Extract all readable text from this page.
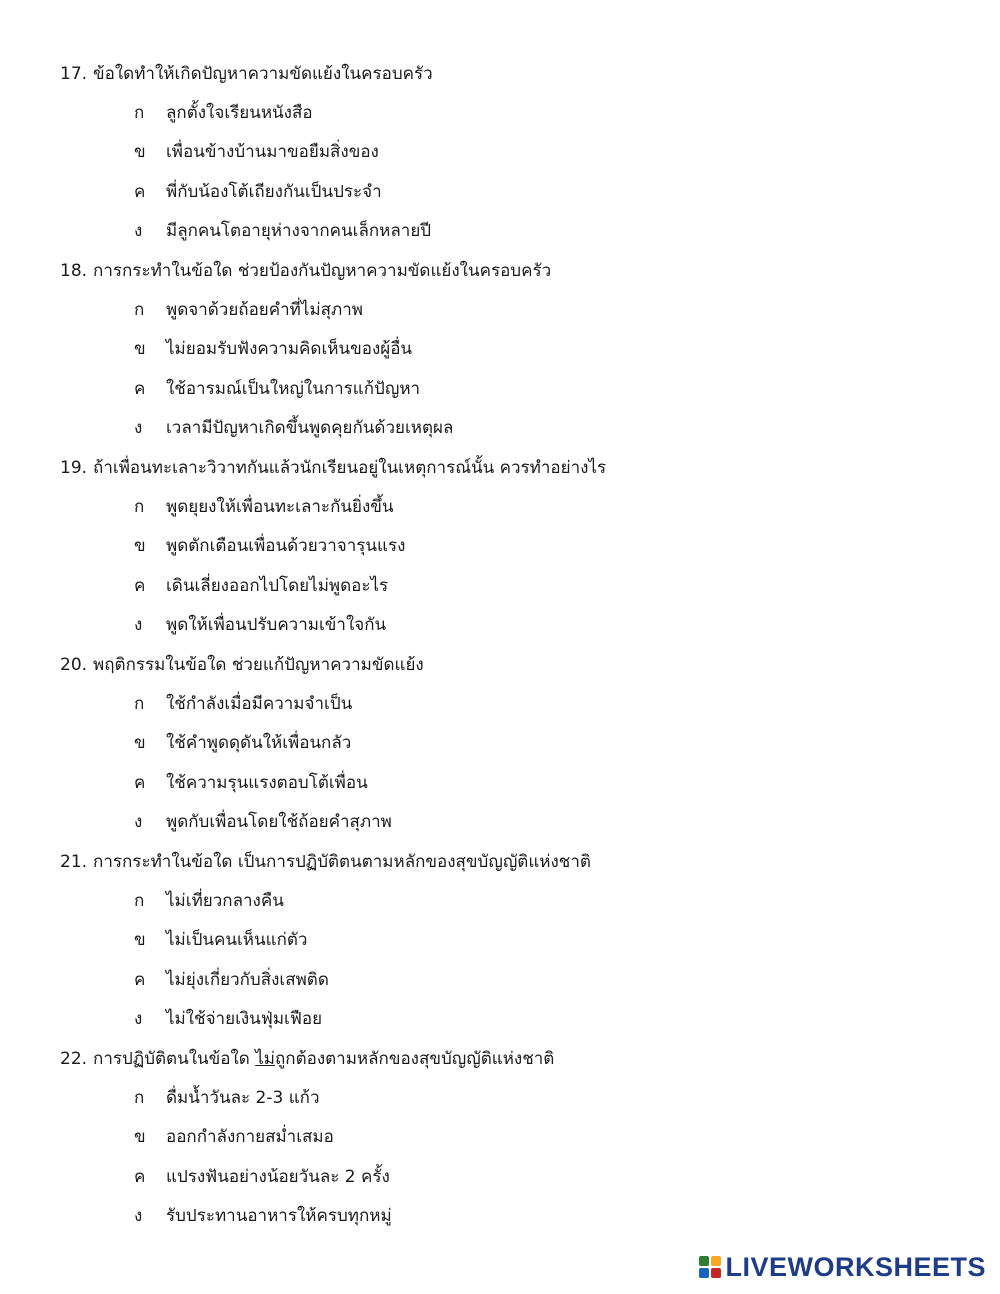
17. ข้อใดทำให้เกิดปัญหาความขัดแย้งในครอบครัว
ก ลูกตั้งใจเรียนหนังสือ
ข เพื่อนข้างบ้านมาขอยืมสิ่งของ
ค พี่กับน้องโต้เถียงกันเป็นประจำ
ง มีลูกคนโตอายุห่างจากคนเล็กหลายปี
18. การกระทำในข้อใด ช่วยป้องกันปัญหาความขัดแย้งในครอบครัว
ก พูดจาด้วยถ้อยคำที่ไม่สุภาพ
ข ไม่ยอมรับฟังความคิดเห็นของผู้อื่น
ค ใช้อารมณ์เป็นใหญ่ในการแก้ปัญหา
ง เวลามีปัญหาเกิดขึ้นพูดคุยกันด้วยเหตุผล
19. ถ้าเพื่อนทะเลาะวิวาทกันแล้วนักเรียนอยู่ในเหตุการณ์นั้น ควรทำอย่างไร
ก พูดยุยงให้เพื่อนทะเลาะกันยิ่งขึ้น
ข พูดตักเตือนเพื่อนด้วยวาจารุนแรง
ค เดินเลี่ยงออกไปโดยไม่พูดอะไร
ง พูดให้เพื่อนปรับความเข้าใจกัน
20. พฤติกรรมในข้อใด ช่วยแก้ปัญหาความขัดแย้ง
ก ใช้กำลังเมื่อมีความจำเป็น
ข ใช้คำพูดดุดันให้เพื่อนกลัว
ค ใช้ความรุนแรงตอบโต้เพื่อน
ง พูดกับเพื่อนโดยใช้ถ้อยคำสุภาพ
21. การกระทำในข้อใด เป็นการปฏิบัติตนตามหลักของสุขบัญญัติแห่งชาติ
ก ไม่เที่ยวกลางคืน
ข ไม่เป็นคนเห็นแก่ตัว
ค ไม่ยุ่งเกี่ยวกับสิ่งเสพติด
ง ไม่ใช้จ่ายเงินฟุ่มเฟือย
22. การปฏิบัติตนในข้อใด ไม่ถูกต้องตามหลักของสุขบัญญัติแห่งชาติ
ก ดื่มน้ำวันละ 2-3 แก้ว
ข ออกกำลังกายสม่ำเสมอ
ค แปรงฟันอย่างน้อยวันละ 2 ครั้ง
ง รับประทานอาหารให้ครบทุกหมู่
LIVEWORKSHEETS
